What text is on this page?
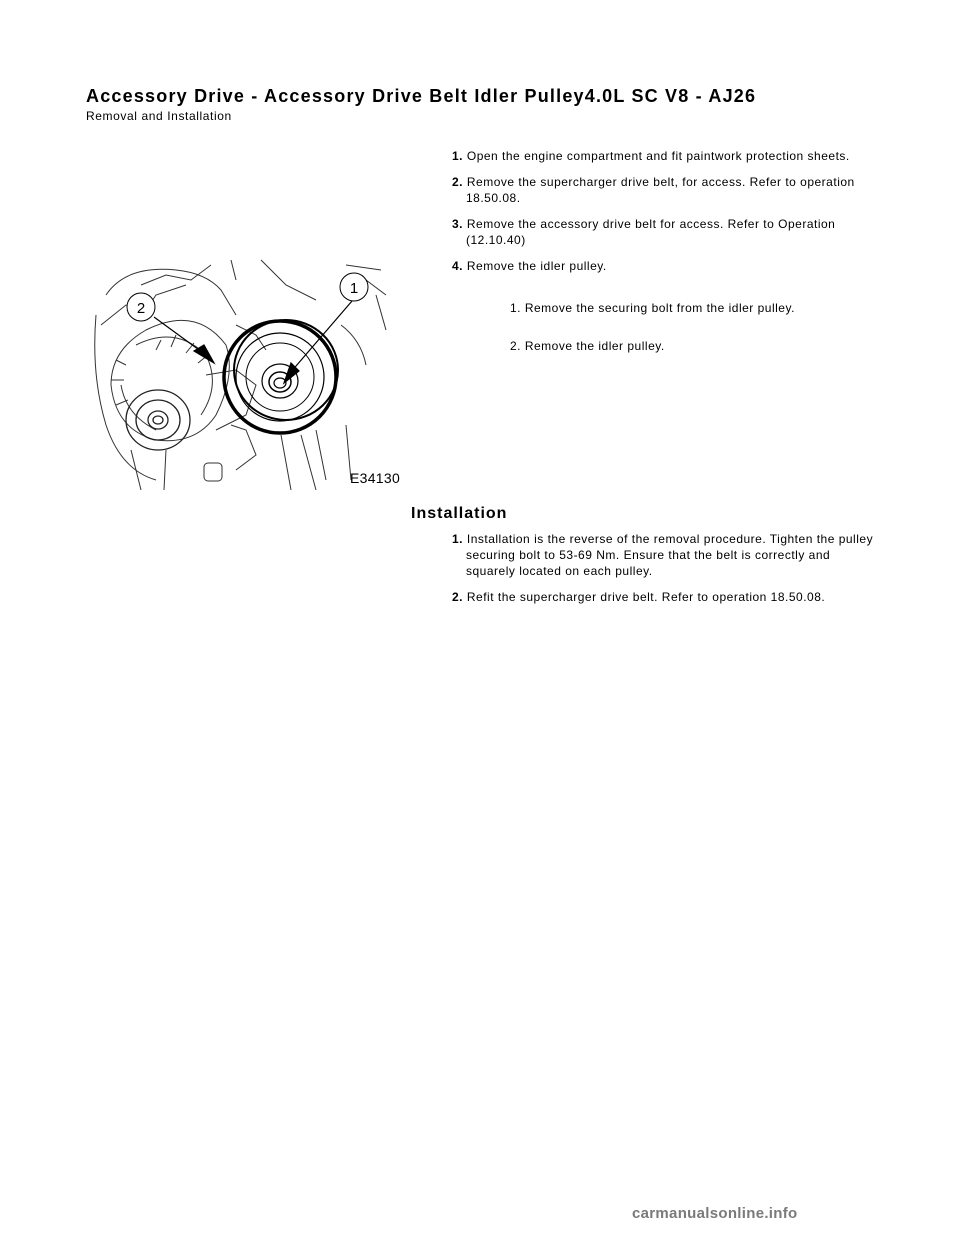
Accessory Drive - Accessory Drive Belt Idler Pulley4.0L SC V8 - AJ26
Removal and Installation
1. Open the engine compartment and fit paintwork protection sheets.
2. Remove the supercharger drive belt, for access. Refer to operation 18.50.08.
3. Remove the accessory drive belt for access. Refer to Operation (12.10.40)
4. Remove the idler pulley.
1. Remove the securing bolt from the idler pulley.
2. Remove the idler pulley.
1
2
E34130
Installation
1. Installation is the reverse of the removal procedure. Tighten the pulley securing bolt to 53-69 Nm. Ensure that the belt is correctly and squarely located on each pulley.
2. Refit the supercharger drive belt. Refer to operation 18.50.08.
carmanualsonline.info
